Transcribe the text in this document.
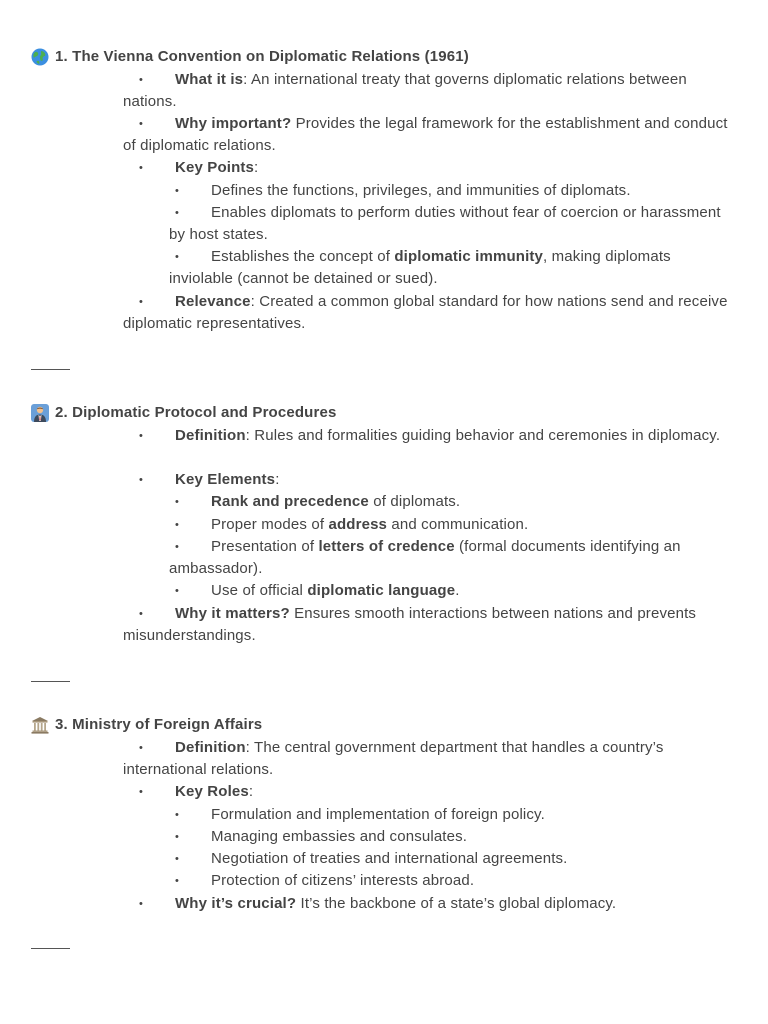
1. The Vienna Convention on Diplomatic Relations (1961)
• What it is: An international treaty that governs diplomatic relations between nations.
• Why important? Provides the legal framework for the establishment and conduct of diplomatic relations.
• Key Points:
• Defines the functions, privileges, and immunities of diplomats.
• Enables diplomats to perform duties without fear of coercion or harassment by host states.
• Establishes the concept of diplomatic immunity, making diplomats inviolable (cannot be detained or sued).
• Relevance: Created a common global standard for how nations send and receive diplomatic representatives.
2. Diplomatic Protocol and Procedures
• Definition: Rules and formalities guiding behavior and ceremonies in diplomacy.
• Key Elements:
• Rank and precedence of diplomats.
• Proper modes of address and communication.
• Presentation of letters of credence (formal documents identifying an ambassador).
• Use of official diplomatic language.
• Why it matters? Ensures smooth interactions between nations and prevents misunderstandings.
3. Ministry of Foreign Affairs
• Definition: The central government department that handles a country’s international relations.
• Key Roles:
• Formulation and implementation of foreign policy.
• Managing embassies and consulates.
• Negotiation of treaties and international agreements.
• Protection of citizens’ interests abroad.
• Why it’s crucial? It’s the backbone of a state’s global diplomacy.
